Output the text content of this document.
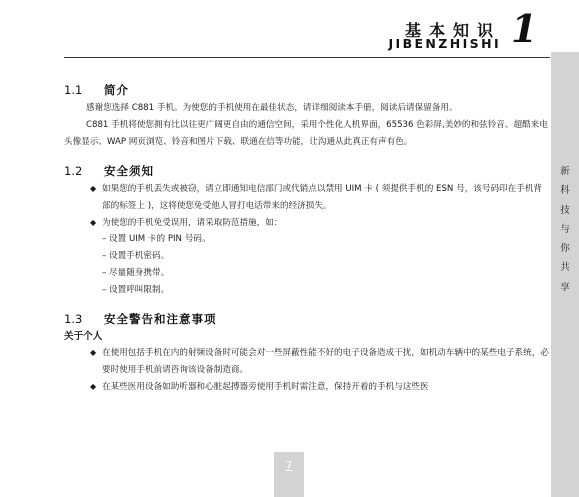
基本知识
JIBENZHISHI 1
新
科
技
与
你
共
享
1.1 简介

感谢您选择 C881 手机。为使您的手机使用在最佳状态，请详细阅读本手册，阅读后请保留备用。

C881 手机将使您拥有比以往更广阔更自由的通信空间，采用个性化人机界面，65536 色彩屏,美妙的和弦铃音、超酷来电头像显示、WAP 网页浏览、铃音和图片下载、联通在信等功能，让沟通从此真正有声有色。

1.2 安全须知
◆ 如果您的手机丢失或被窃，请立即通知电信部门或代销点以禁用 UIM 卡 ( 须提供手机的 ESN 号，该号码印在手机背部的标签上 )，这将使您免受他人冒打电话带来的经济损失。
◆ 为使您的手机免受误用，请采取防范措施，如：

– 设置 UIM 卡的 PIN 号码。

– 设置手机密码。

– 尽量随身携带。

– 设置呼叫限制。

1.3 安全警告和注意事项
关于个人
◆ 在使用包括手机在内的射频设备时可能会对一些屏蔽性能不好的电子设备造成干扰，如机动车辆中的某些电子系统，必要时使用手机前请咨询该设备制造商。
◆ 在某些医用设备如助听器和心脏起搏器旁使用手机时需注意，保持开着的手机与这些医
7
